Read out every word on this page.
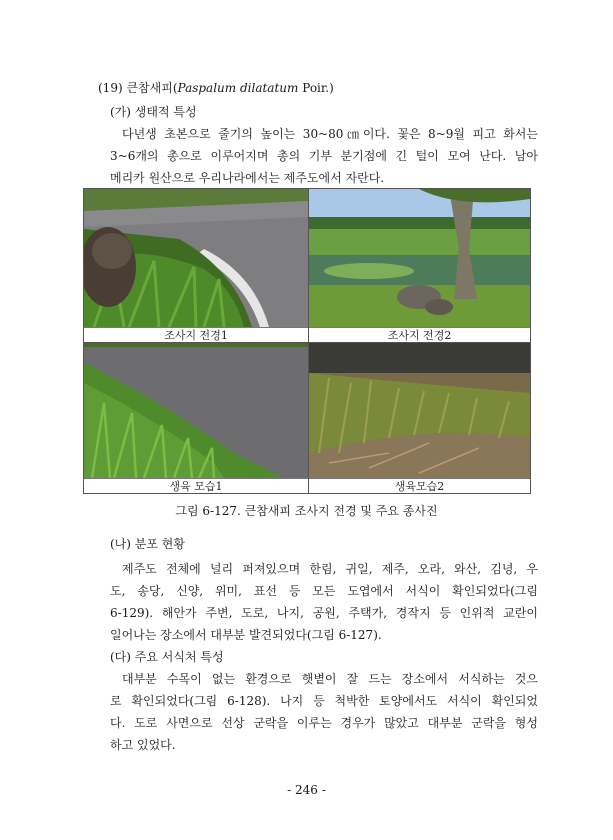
(19) 큰참새피(Paspalum dilatatum Poir.)
(가) 생태적 특성
다년생 초본으로 줄기의 높이는 30~80㎝이다. 꽃은 8~9월 피고 화서는
3~6개의 총으로 이루어지며 총의 기부 분기점에 긴 털이 모여 난다. 남아
메리카 원산으로 우리나라에서는 제주도에서 자란다.
조사지 전경1	조사지 전경2
생육 모습1	생육모습2
그림 6-127. 큰참새피 조사지 전경 및 주요 종사진
(나) 분포 현황
제주도 전체에 널리 퍼져있으며 한림, 귀일, 제주, 오라, 와산, 김녕, 우
도, 송당, 신양, 위미, 표선 등 모든 도엽에서 서식이 확인되었다(그림
6-129). 해안가 주변, 도로, 나지, 공원, 주택가, 경작지 등 인위적 교란이
일어나는 장소에서 대부분 발견되었다(그림 6-127).
(다) 주요 서식처 특성
대부분 수목이 없는 환경으로 햇볕이 잘 드는 장소에서 서식하는 것으
로 확인되었다(그림 6-128). 나지 등 척박한 토양에서도 서식이 확인되었
다. 도로 사면으로 선상 군락을 이루는 경우가 많았고 대부분 군락을 형성
하고 있었다.
- 246 -
